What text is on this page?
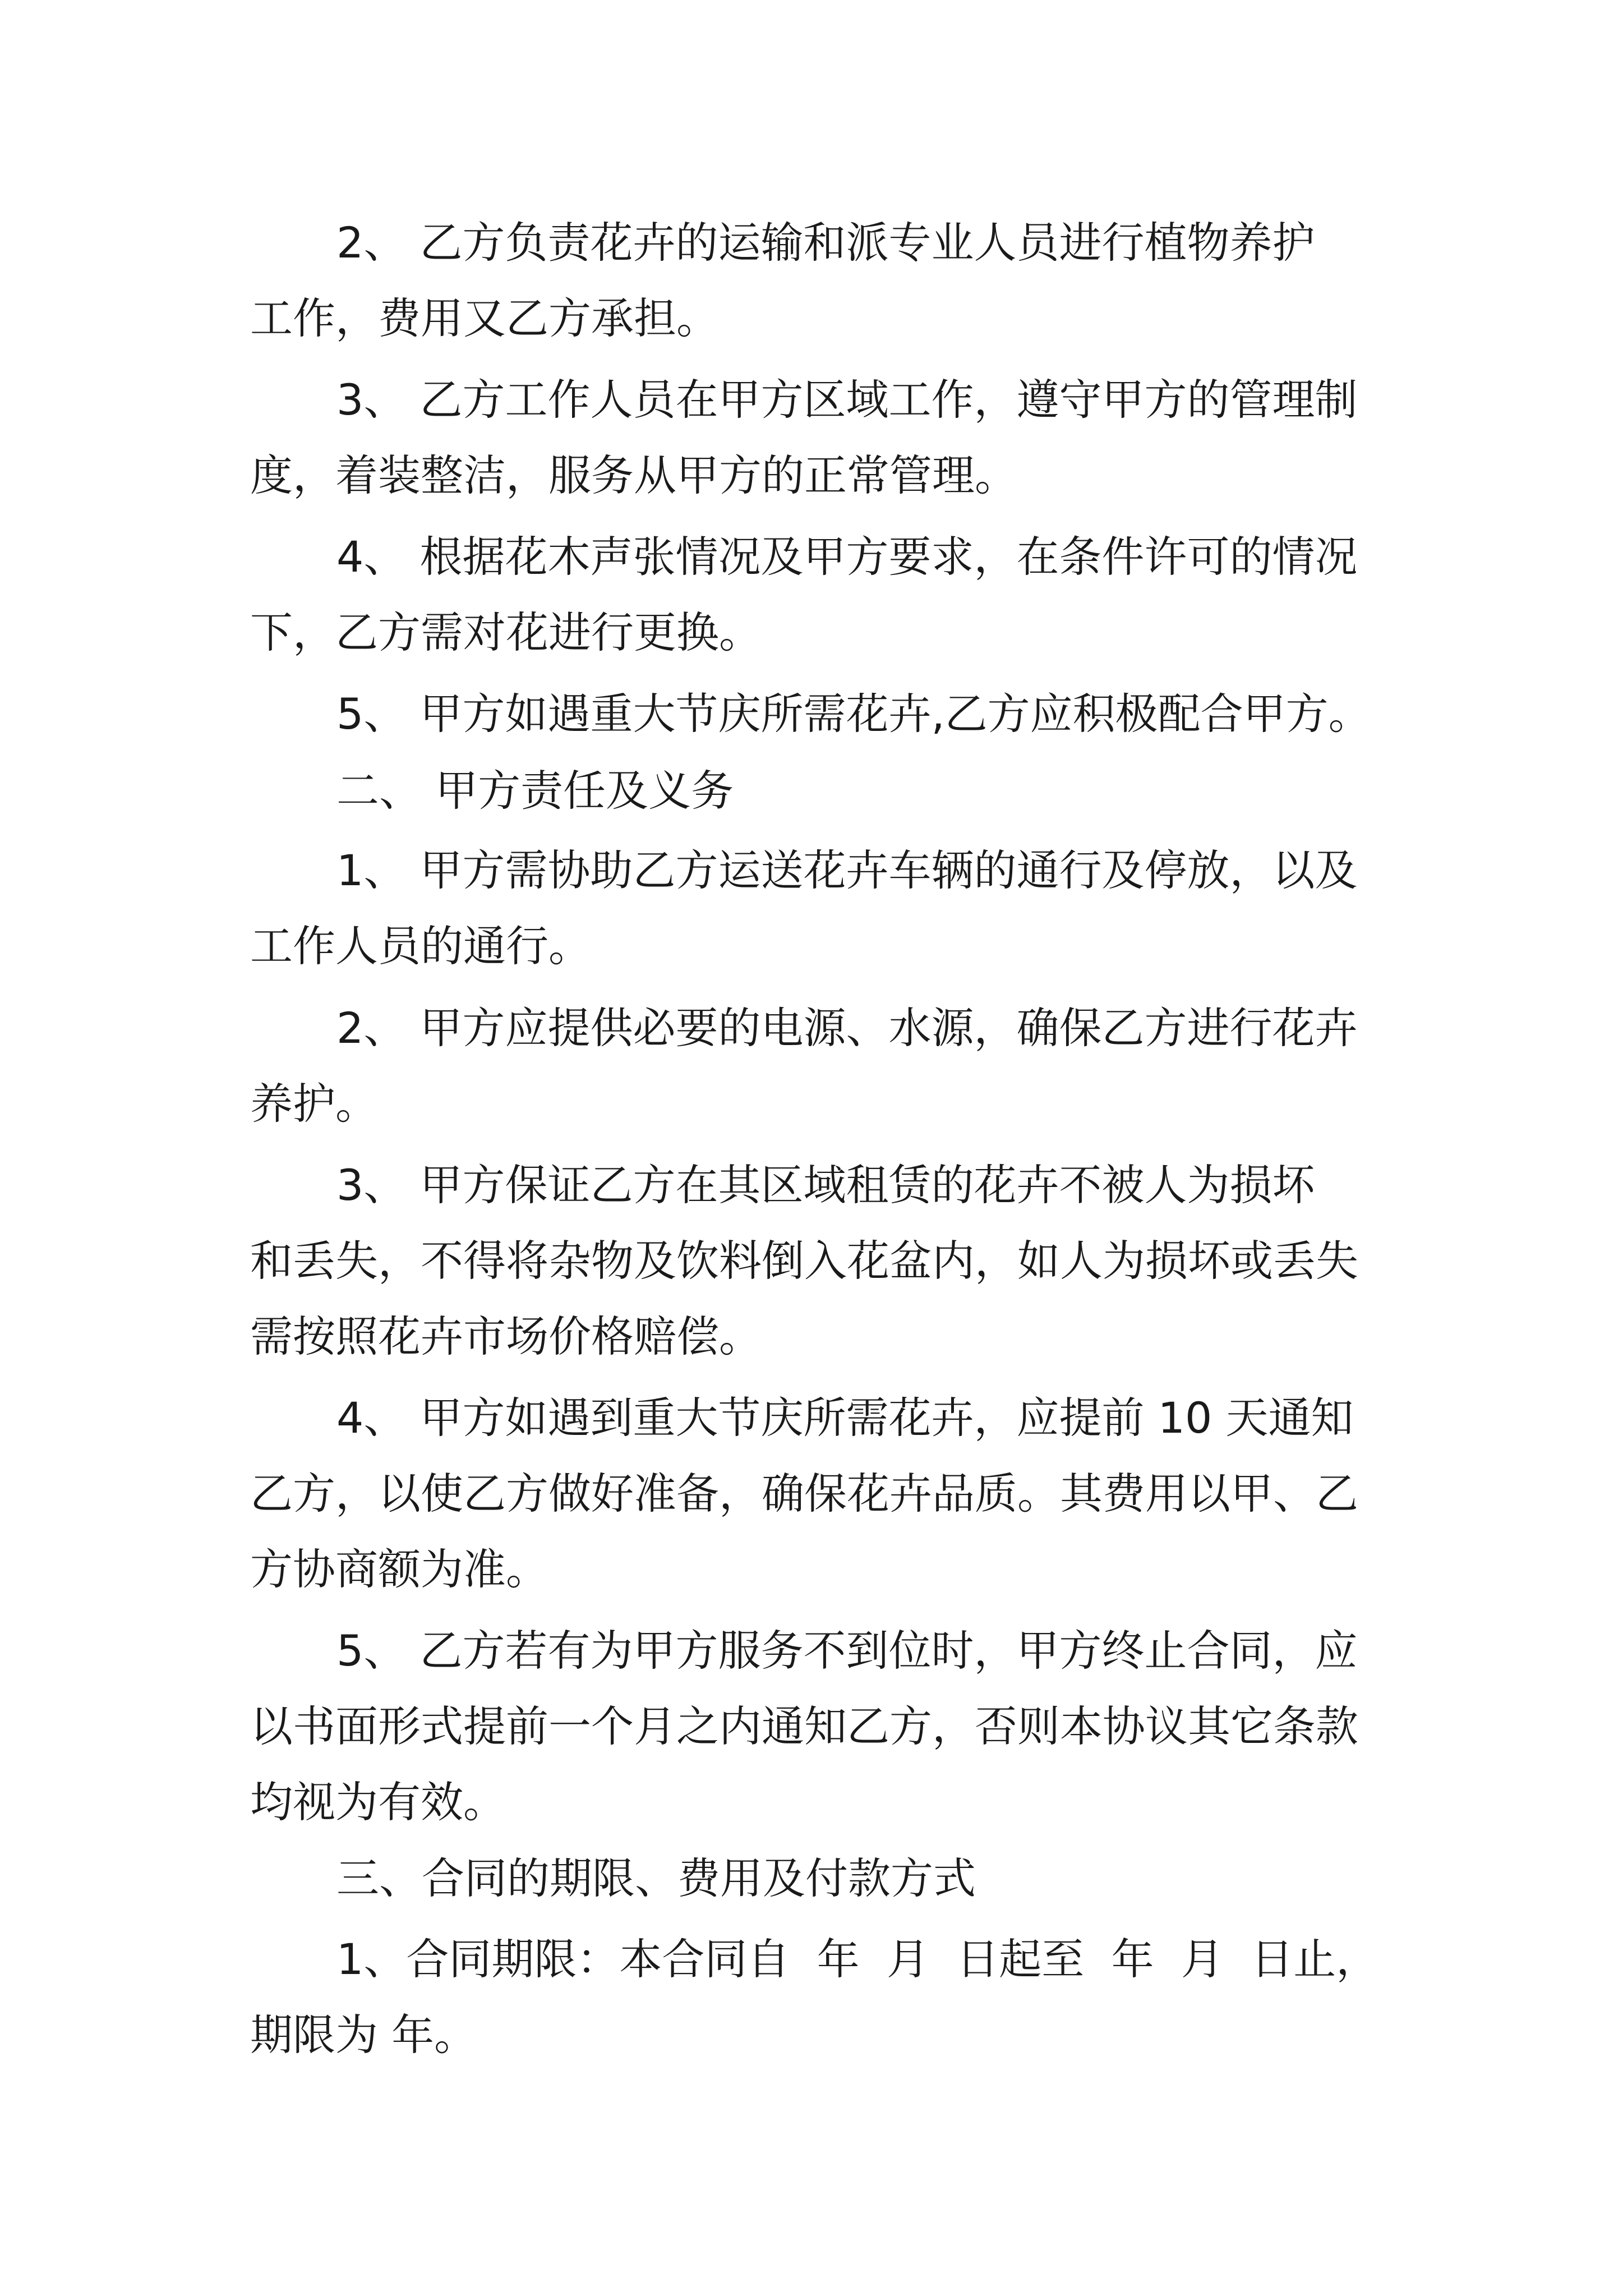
2、 乙方负责花卉的运输和派专业人员进行植物养护
工作，费用又乙方承担。
3、 乙方工作人员在甲方区域工作，遵守甲方的管理制
度，着装整洁，服务从甲方的正常管理。
4、 根据花木声张情况及甲方要求，在条件许可的情况
下，乙方需对花进行更换。
5、 甲方如遇重大节庆所需花卉,乙方应积极配合甲方。
二、 甲方责任及义务
1、 甲方需协助乙方运送花卉车辆的通行及停放，以及
工作人员的通行。
2、 甲方应提供必要的电源、水源，确保乙方进行花卉
养护。
3、 甲方保证乙方在其区域租赁的花卉不被人为损坏
和丢失，不得将杂物及饮料倒入花盆内，如人为损坏或丢失
需按照花卉市场价格赔偿。
4、 甲方如遇到重大节庆所需花卉，应提前 10 天通知
乙方，以使乙方做好准备，确保花卉品质。其费用以甲、乙
方协商额为准。
5、 乙方若有为甲方服务不到位时，甲方终止合同，应
以书面形式提前一个月之内通知乙方，否则本协议其它条款
均视为有效。
三、合同的期限、费用及付款方式
1、合同期限：本合同自  年  月  日起至  年  月  日止，
期限为 年。
